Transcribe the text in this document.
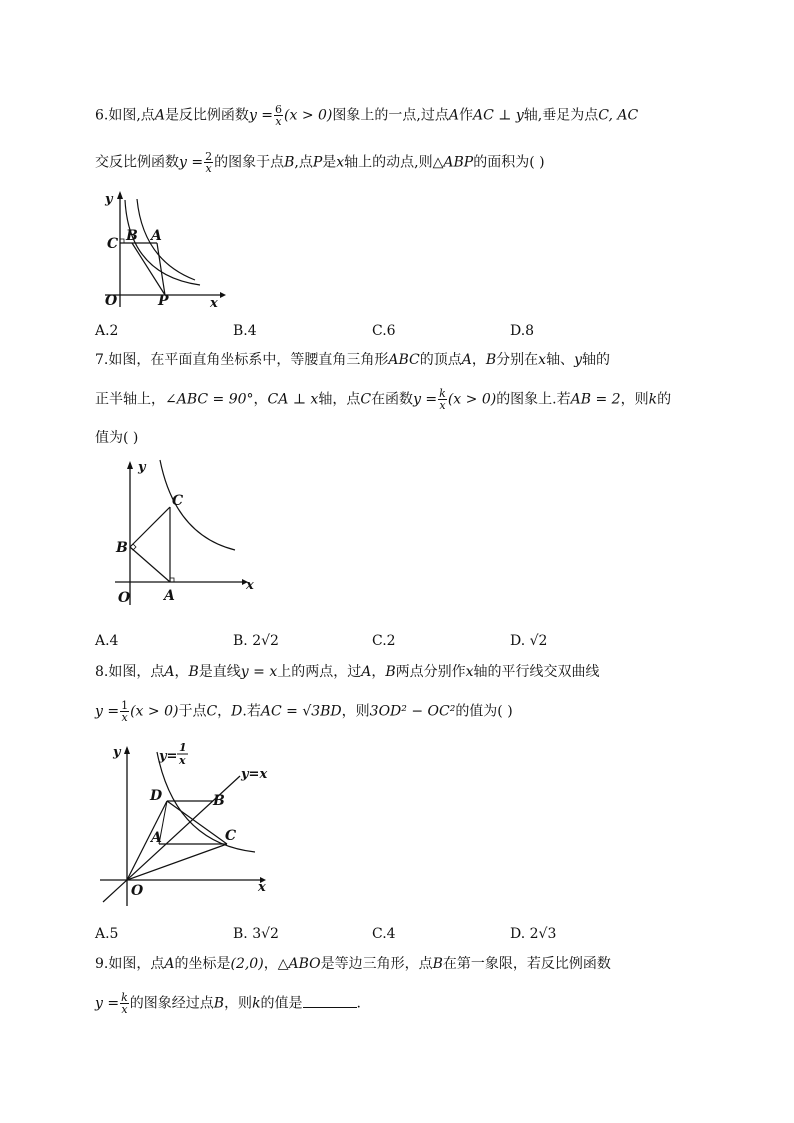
6.如图,点A是反比例函数$y = \frac{6}{x} (x > 0)$图象上的一点,过点A作AC ⊥ y轴,垂足为点C, AC
交反比例函数$y = \frac{2}{x}$ 的图象于点B,点P是x轴上的动点,则△ABP的面积为( )
y
C B A
O	P	x
A.2	B.4	C.6	D.8
7.如图，在平面直角坐标系中，等腰直角三角形ABC的顶点A，B分别在x轴、y轴的
正半轴上，∠ABC = 90°，CA ⊥ x轴，点C在函数$y = \frac{k}{x} (x > 0)$的图象上.若AB = 2，则k的
值为( )
y
C
B
O A
x
A.4	B. 2√2	C.2	D. √2
8.如图，点A，B是直线y = x上的两点，过A，B两点分别作x轴的平行线交双曲线
$y = \frac{1}{x} (x > 0)$于点C，D.若AC = √3BD，则3OD² − OC²的值为( )
y	y=
1
x
y=x
D	B
A	C
O	x
A.5	B. 3√2	C.4	D. 2√3
9.如图，点A的坐标是(2,0)，△ABO是等边三角形，点B在第一象限，若反比例函数
$y = \frac{k}{x}$ 的图象经过点B，则k的值是	.
